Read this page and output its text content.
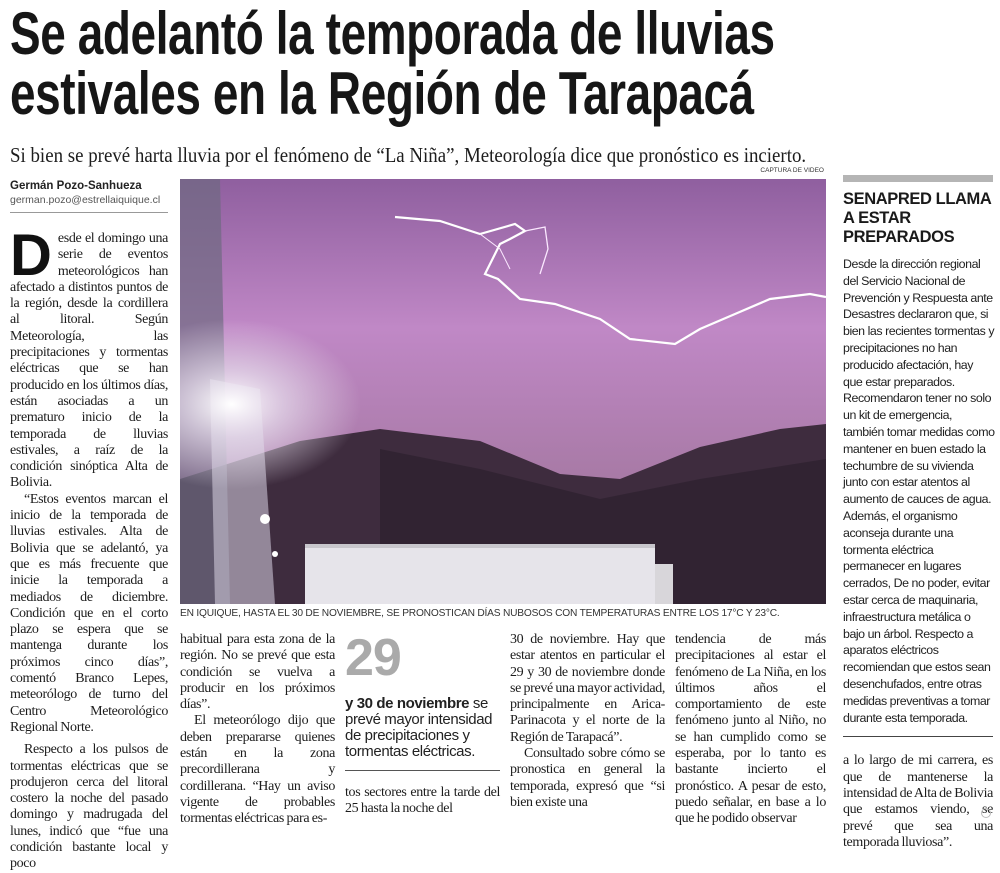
Se adelantó la temporada de lluvias
estivales en la Región de Tarapacá
Si bien se prevé harta lluvia por el fenómeno de “La Niña”, Meteorología dice que pronóstico es incierto.
CAPTURA DE VIDEO
Germán Pozo-Sanhueza
german.pozo@estrellaiquique.cl
EN IQUIQUE, HASTA EL 30 DE NOVIEMBRE, SE PRONOSTICAN DÍAS NUBOSOS CON TEMPERATURAS ENTRE LOS 17°C Y 23°C.
D esde el domingo una serie de eventos meteorológicos han afectado a distintos puntos de la región, desde la cordillera al litoral. Según Meteorología, las precipitaciones y tormentas eléctricas que se han producido en los últimos días, están asociadas a un prematuro inicio de la temporada de lluvias estivales, a raíz de la condición sinóptica Alta de Bolivia.

“Estos eventos marcan el inicio de la temporada de lluvias estivales. Alta de Bolivia que se adelantó, ya que es más frecuente que inicie la temporada a mediados de diciembre. Condición que en el corto plazo se espera que se mantenga durante los próximos cinco días”, comentó Branco Lepes, meteorólogo de turno del Centro Meteorológico Regional Norte.

Respecto a los pulsos de tormentas eléctricas que se produjeron cerca del litoral costero la noche del pasado domingo y madrugada del lunes, indicó que “fue una condición bastante local y poco

habitual para esta zona de la región. No se prevé que esta condición se vuelva a producir en los próximos días”.

El meteorólogo dijo que deben prepararse quienes están en la zona precordillerana y cordillerana. “Hay un aviso vigente de probables tormentas eléctricas para es-

29
y 30 de noviembre se prevé mayor intensidad de precipitaciones y tormentas eléctricas.

tos sectores entre la tarde del 25 hasta la noche del

30 de noviembre. Hay que estar atentos en particular el 29 y 30 de noviembre donde se prevé una mayor actividad, principalmente en Arica-Parinacota y el norte de la Región de Tarapacá”.

Consultado sobre cómo se pronostica en general la temporada, expresó que “si bien existe una

tendencia de más precipitaciones al estar el fenómeno de La Niña, en los últimos años el comportamiento de este fenómeno junto al Niño, no se han cumplido como se esperaba, por lo tanto es bastante incierto el pronóstico. A pesar de esto, puedo señalar, en base a lo que he podido observar

SENAPRED LLAMA A ESTAR PREPARADOS

Desde la dirección regional del Servicio Nacional de Prevención y Respuesta ante Desastres declararon que, si bien las recientes tormentas y precipitaciones no han producido afectación, hay que estar preparados.

Recomendaron tener no solo un kit de emergencia, también tomar medidas como mantener en buen estado la techumbre de su vivienda junto con estar atentos al aumento de cauces de agua. Además, el organismo aconseja durante una tormenta eléctrica permanecer en lugares cerrados, De no poder, evitar estar cerca de maquinaria, infraestructura metálica o bajo un árbol. Respecto a aparatos eléctricos recomiendan que estos sean desenchufados, entre otras medidas preventivas a tomar durante esta temporada.

a lo largo de mi carrera, es que de mantenerse la intensidad de Alta de Bolivia que estamos viendo, se prevé que sea una temporada lluviosa”.
